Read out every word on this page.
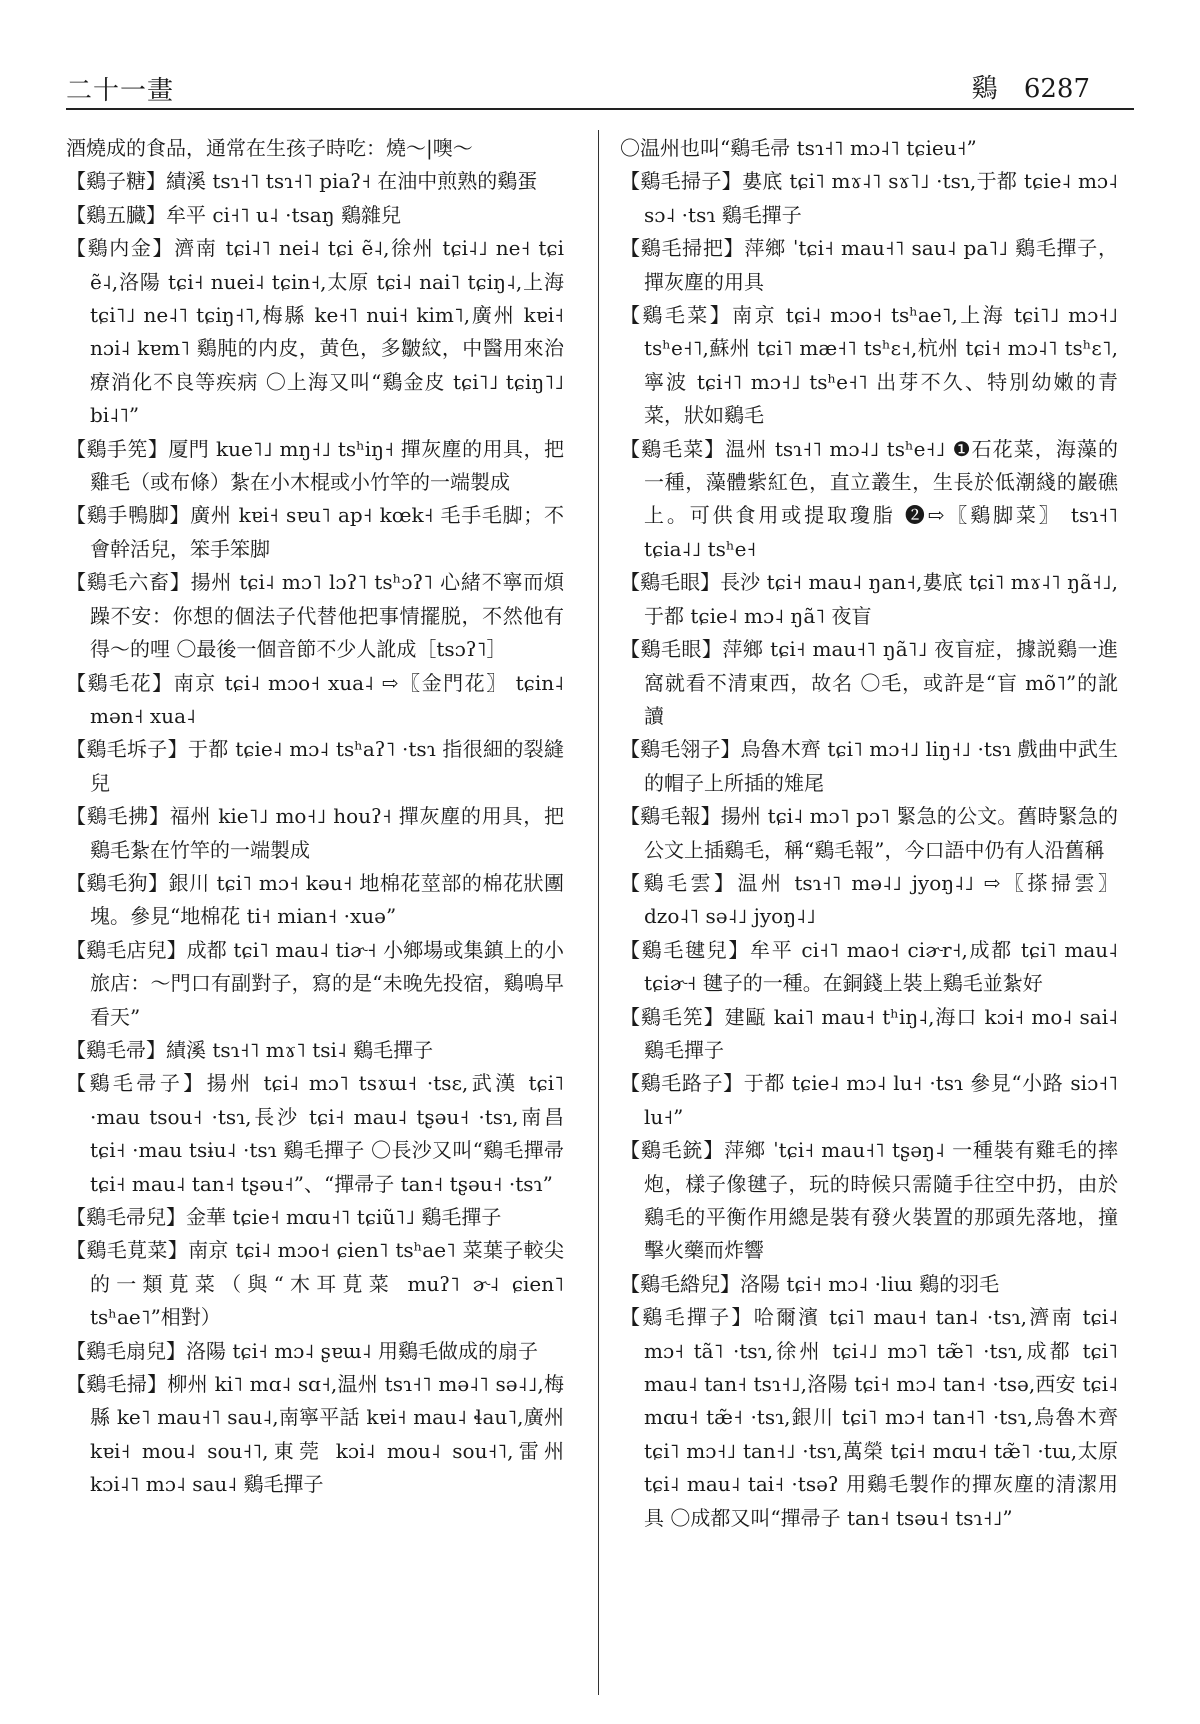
二十一畫	鷄 6287

酒燒成的食品，通常在生孩子時吃：燒～|噢～

【鷄子糖】績溪 tsɿ˧˥ tsɿ˧˥ piaʔ˧ 在油中煎熟的鷄蛋

【鷄五臓】牟平 ci˧˥ u˨ ·tsaŋ 鷄雜兒

【鷄内金】濟南 tɕi˨˥ nei˨ tɕi ẽ˨,徐州 tɕi˨˩ ne˧ tɕi ẽ˨,洛陽 tɕi˧ nuei˨ tɕin˧,太原 tɕi˨ nai˥ tɕiŋ˨,上海 tɕi˥˩ ne˨˥ tɕiŋ˧˥,梅縣 ke˧˥ nui˧ kim˥,廣州 kɐi˧ nɔi˨ kɐm˥ 鷄肫的内皮，黄色，多皺紋，中醫用來治療消化不良等疾病 〇上海又叫“鷄金皮 tɕi˥˩ tɕiŋ˥˩ bi˨˥”

【鷄手筅】厦門 kue˥˩ mŋ˧˩ tsʰiŋ˧ 撣灰塵的用具，把雞毛（或布條）紮在小木棍或小竹竿的一端製成

【鷄手鴨脚】廣州 kɐi˧ sɐu˥ ap˧ kœk˧ 毛手毛脚；不會幹活兒，笨手笨脚

【鷄毛六畜】揚州 tɕi˨ mɔ˥ lɔʔ˥ tsʰɔʔ˥ 心緒不寧而煩躁不安：你想的個法子代替他把事情擺脱，不然他有得～的哩 〇最後一個音節不少人訛成［tsɔʔ˥］

【鷄毛花】南京 tɕi˨ mɔo˧ xua˨ ⇨〖金門花〗 tɕin˨ mən˧ xua˨

【鷄毛坼子】于都 tɕie˨ mɔ˨ tsʰaʔ˥ ·tsɿ 指很細的裂縫兒

【鷄毛拂】福州 kie˥˩ mo˧˩ houʔ˧ 撣灰塵的用具，把鷄毛紮在竹竿的一端製成

【鷄毛狗】銀川 tɕi˥ mɔ˧ kəu˧ 地棉花莖部的棉花狀團塊。參見“地棉花 ti˧ mian˧ ·xuə”

【鷄毛店兒】成都 tɕi˥ mau˨ tiɚ˧ 小鄉場或集鎮上的小旅店：～門口有副對子，寫的是“未晚先投宿，鷄鳴早看天”

【鷄毛帚】績溪 tsɿ˧˥ mɤ˥ tsi˨ 鷄毛撣子

【鷄毛帚子】揚州 tɕi˨ mɔ˥ tsɤɯ˧ ·tsɛ,武漢 tɕi˥ ·mau tsou˧ ·tsɿ,長沙 tɕi˧ mau˨ tʂəu˧ ·tsɿ,南昌 tɕi˧ ·mau tsɨu˨ ·tsɿ 鷄毛撣子 〇長沙又叫“鷄毛撣帚 tɕi˧ mau˨ tan˧ tʂəu˧”、“撣帚子 tan˧ tʂəu˧ ·tsɿ”

【鷄毛帚兒】金華 tɕie˧ mɑu˧˥ tɕiũ˥˩ 鷄毛撣子

【鷄毛莧菜】南京 tɕi˨ mɔo˧ ɕien˥ tsʰae˥ 菜葉子較尖的一類莧菜（與“木耳莧菜 muʔ˥ ɚ˨ ɕien˥ tsʰae˥”相對）

【鷄毛扇兒】洛陽 tɕi˧ mɔ˨ ʂɐɯ˨ 用鷄毛做成的扇子

【鷄毛掃】柳州 ki˥ mɑ˨ sɑ˧,温州 tsɿ˧˥ mə˨˥ sə˨˩,梅縣 ke˥ mau˧˥ sau˨,南寧平話 kɐi˧ mau˨ ɬau˥,廣州 kɐi˧ mou˨ sou˧˥,東莞 kɔi˨ mou˨ sou˧˥,雷州 kɔi˨˥ mɔ˨ sau˨ 鷄毛撣子

〇温州也叫“鷄毛帚 tsɿ˧˥ mɔ˨˥ tɕieu˧”

【鷄毛掃子】婁底 tɕi˥ mɤ˨˥ sɤ˥˩ ·tsɿ,于都 tɕie˨ mɔ˨ sɔ˨ ·tsɿ 鷄毛撣子

【鷄毛掃把】萍鄉 ˈtɕi˧ mau˧˥ sau˨ pa˥˩ 鷄毛撣子，撣灰塵的用具

【鷄毛菜】南京 tɕi˨ mɔo˧ tsʰae˥,上海 tɕi˥˩ mɔ˧˩ tsʰe˧˥,蘇州 tɕi˥ mæ˧˥ tsʰɛ˧,杭州 tɕi˧ mɔ˨˥ tsʰɛ˥,寧波 tɕi˧˥ mɔ˧˩ tsʰe˧˥ 出芽不久、特別幼嫩的青菜，狀如鷄毛

【鷄毛菜】温州 tsɿ˧˥ mɔ˨˩ tsʰe˧˩ ❶石花菜，海藻的一種，藻體紫紅色，直立叢生，生長於低潮綫的巖礁上。可供食用或提取瓊脂 ❷⇨〖鷄脚菜〗 tsɿ˧˥ tɕia˨˩ tsʰe˧

【鷄毛眼】長沙 tɕi˧ mau˨ ŋan˧,婁底 tɕi˥ mɤ˨˥ ŋã˧˩,于都 tɕie˨ mɔ˨ ŋã˥ 夜盲

【鷄毛眼】萍鄉 tɕi˧ mau˧˥ ŋã˥˩ 夜盲症，據説鷄一進窩就看不清東西，故名 〇毛，或許是“盲 mõ˥”的訛讀

【鷄毛翎子】烏魯木齊 tɕi˥ mɔ˧˩ liŋ˧˩ ·tsɿ 戲曲中武生的帽子上所插的雉尾

【鷄毛報】揚州 tɕi˨ mɔ˥ pɔ˥ 緊急的公文。舊時緊急的公文上插鷄毛，稱“鷄毛報”，今口語中仍有人沿舊稱

【鷄毛雲】温州 tsɿ˧˥ mə˨˩ jyoŋ˨˩ ⇨〖搽掃雲〗 dzo˨˥ sə˨˩ jyoŋ˨˩

【鷄毛毽兒】牟平 ci˧˥ mao˧ ciɚr˧,成都 tɕi˥ mau˨ tɕiɚ˧ 毽子的一種。在銅錢上裝上鷄毛並紮好

【鷄毛筅】建甌 kai˥ mau˧ tʰiŋ˨,海口 kɔi˧ mo˨ sai˨ 鷄毛撣子

【鷄毛路子】于都 tɕie˨ mɔ˨ lu˧ ·tsɿ 參見“小路 siɔ˧˥ lu˧”

【鷄毛銃】萍鄉 ˈtɕi˧ mau˧˥ tʂəŋ˨ 一種裝有雞毛的摔炮，樣子像毽子，玩的時候只需隨手往空中扔，由於鷄毛的平衡作用總是裝有發火裝置的那頭先落地，撞擊火藥而炸響

【鷄毛綹兒】洛陽 tɕi˧ mɔ˨ ·liɯ 鷄的羽毛

【鷄毛撣子】哈爾濱 tɕi˥ mau˧ tan˨ ·tsɿ,濟南 tɕi˨ mɔ˧ tã˥ ·tsɿ,徐州 tɕi˨˩ mɔ˥ tæ̃˥ ·tsɿ,成都 tɕi˥ mau˨ tan˧ tsɿ˧˩,洛陽 tɕi˧ mɔ˨ tan˧ ·tsə,西安 tɕi˨ mɑu˧ tæ̃˧ ·tsɿ,銀川 tɕi˥ mɔ˧ tan˧˥ ·tsɿ,烏魯木齊 tɕi˥ mɔ˧˩ tan˧˩ ·tsɿ,萬榮 tɕi˧ mɑu˧ tæ̃˥ ·tɯ,太原 tɕi˨ mau˨ tai˧ ·tsəʔ 用鷄毛製作的撣灰塵的清潔用具 〇成都又叫“撣帚子 tan˧ tsəu˧ tsɿ˧˩”
